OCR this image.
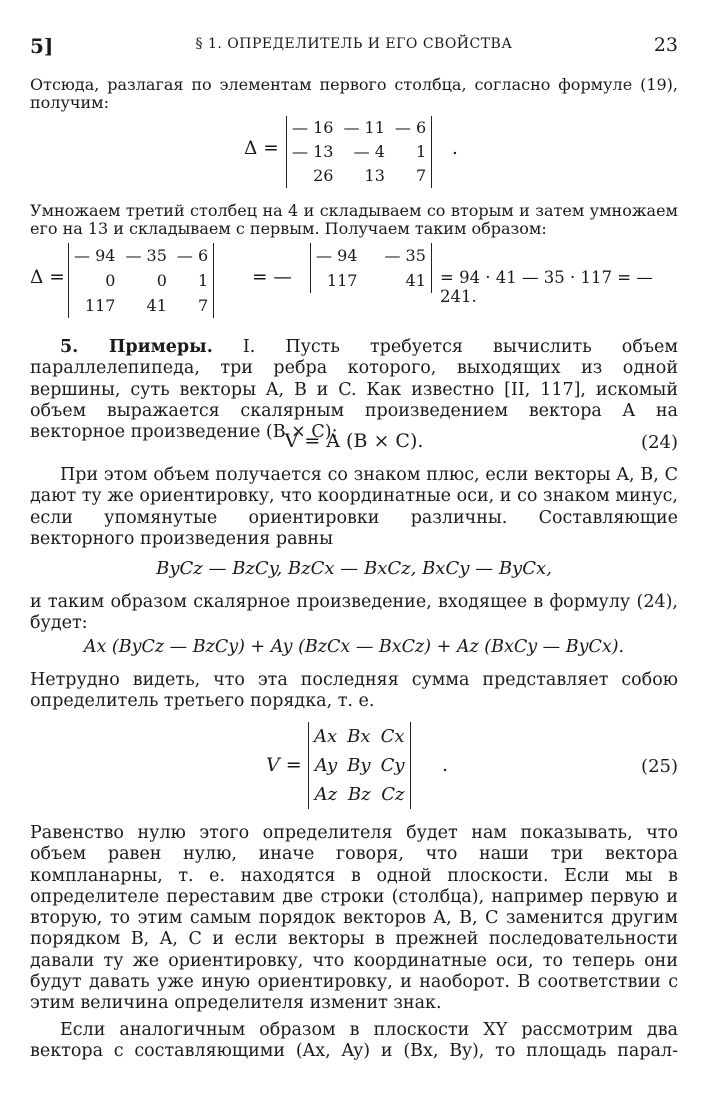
5]	§ 1. ОПРЕДЕЛИТЕЛЬ И ЕГО СВОЙСТВА	23

Отсюда, разлагая по элементам первого столбца, согласно формуле (19), получим:

Δ =
— 16	— 11	— 6
— 13	— 4	1
26	13	7
.

Умножаем третий столбец на 4 и складываем со вторым и затем умножаем его на 13 и складываем с первым. Получаем таким образом:

Δ =
— 94	— 35	— 6
0	0	1
117	41	7
= —
— 94	— 35

117	41 = 94 · 41 — 35 · 117 = — 241.

5. Примеры. I. Пусть требуется вычислить объем параллелепипеда, три ребра которого, выходящих из одной вершины, суть векторы A, B и C. Как известно [II, 117], искомый объем выражается скалярным произведением вектора A на векторное произведение (B × C):

V = A (B × C).	(24)

При этом объем получается со знаком плюс, если векторы A, B, C дают ту же ориентировку, что координатные оси, и со знаком минус, если упомянутые ориентировки различны. Составляющие векторного произведения равны

ByCz — BzCy, BzCx — BxCz, BxCy — ByCx,

и таким образом скалярное произведение, входящее в формулу (24), будет:

Ax (ByCz — BzCy) + Ay (BzCx — BxCz) + Az (BxCy — ByCx).

Нетрудно видеть, что эта последняя сумма представляет собою определитель третьего порядка, т. е.

V =
Ax	Bx	Cx
Ay	By	Cy
Az	Bz	Cz
.	(25)

Равенство нулю этого определителя будет нам показывать, что объем равен нулю, иначе говоря, что наши три вектора компланарны, т. е. находятся в одной плоскости. Если мы в определителе переставим две строки (столбца), например первую и вторую, то этим самым порядок векторов A, B, C заменится другим порядком B, A, C и если векторы в прежней последовательности давали ту же ориентировку, что координатные оси, то теперь они будут давать уже иную ориентировку, и наоборот. В соответствии с этим величина определителя изменит знак.

Если аналогичным образом в плоскости XY рассмотрим два вектора с составляющими (Ax, Ay) и (Bx, By), то площадь парал-
